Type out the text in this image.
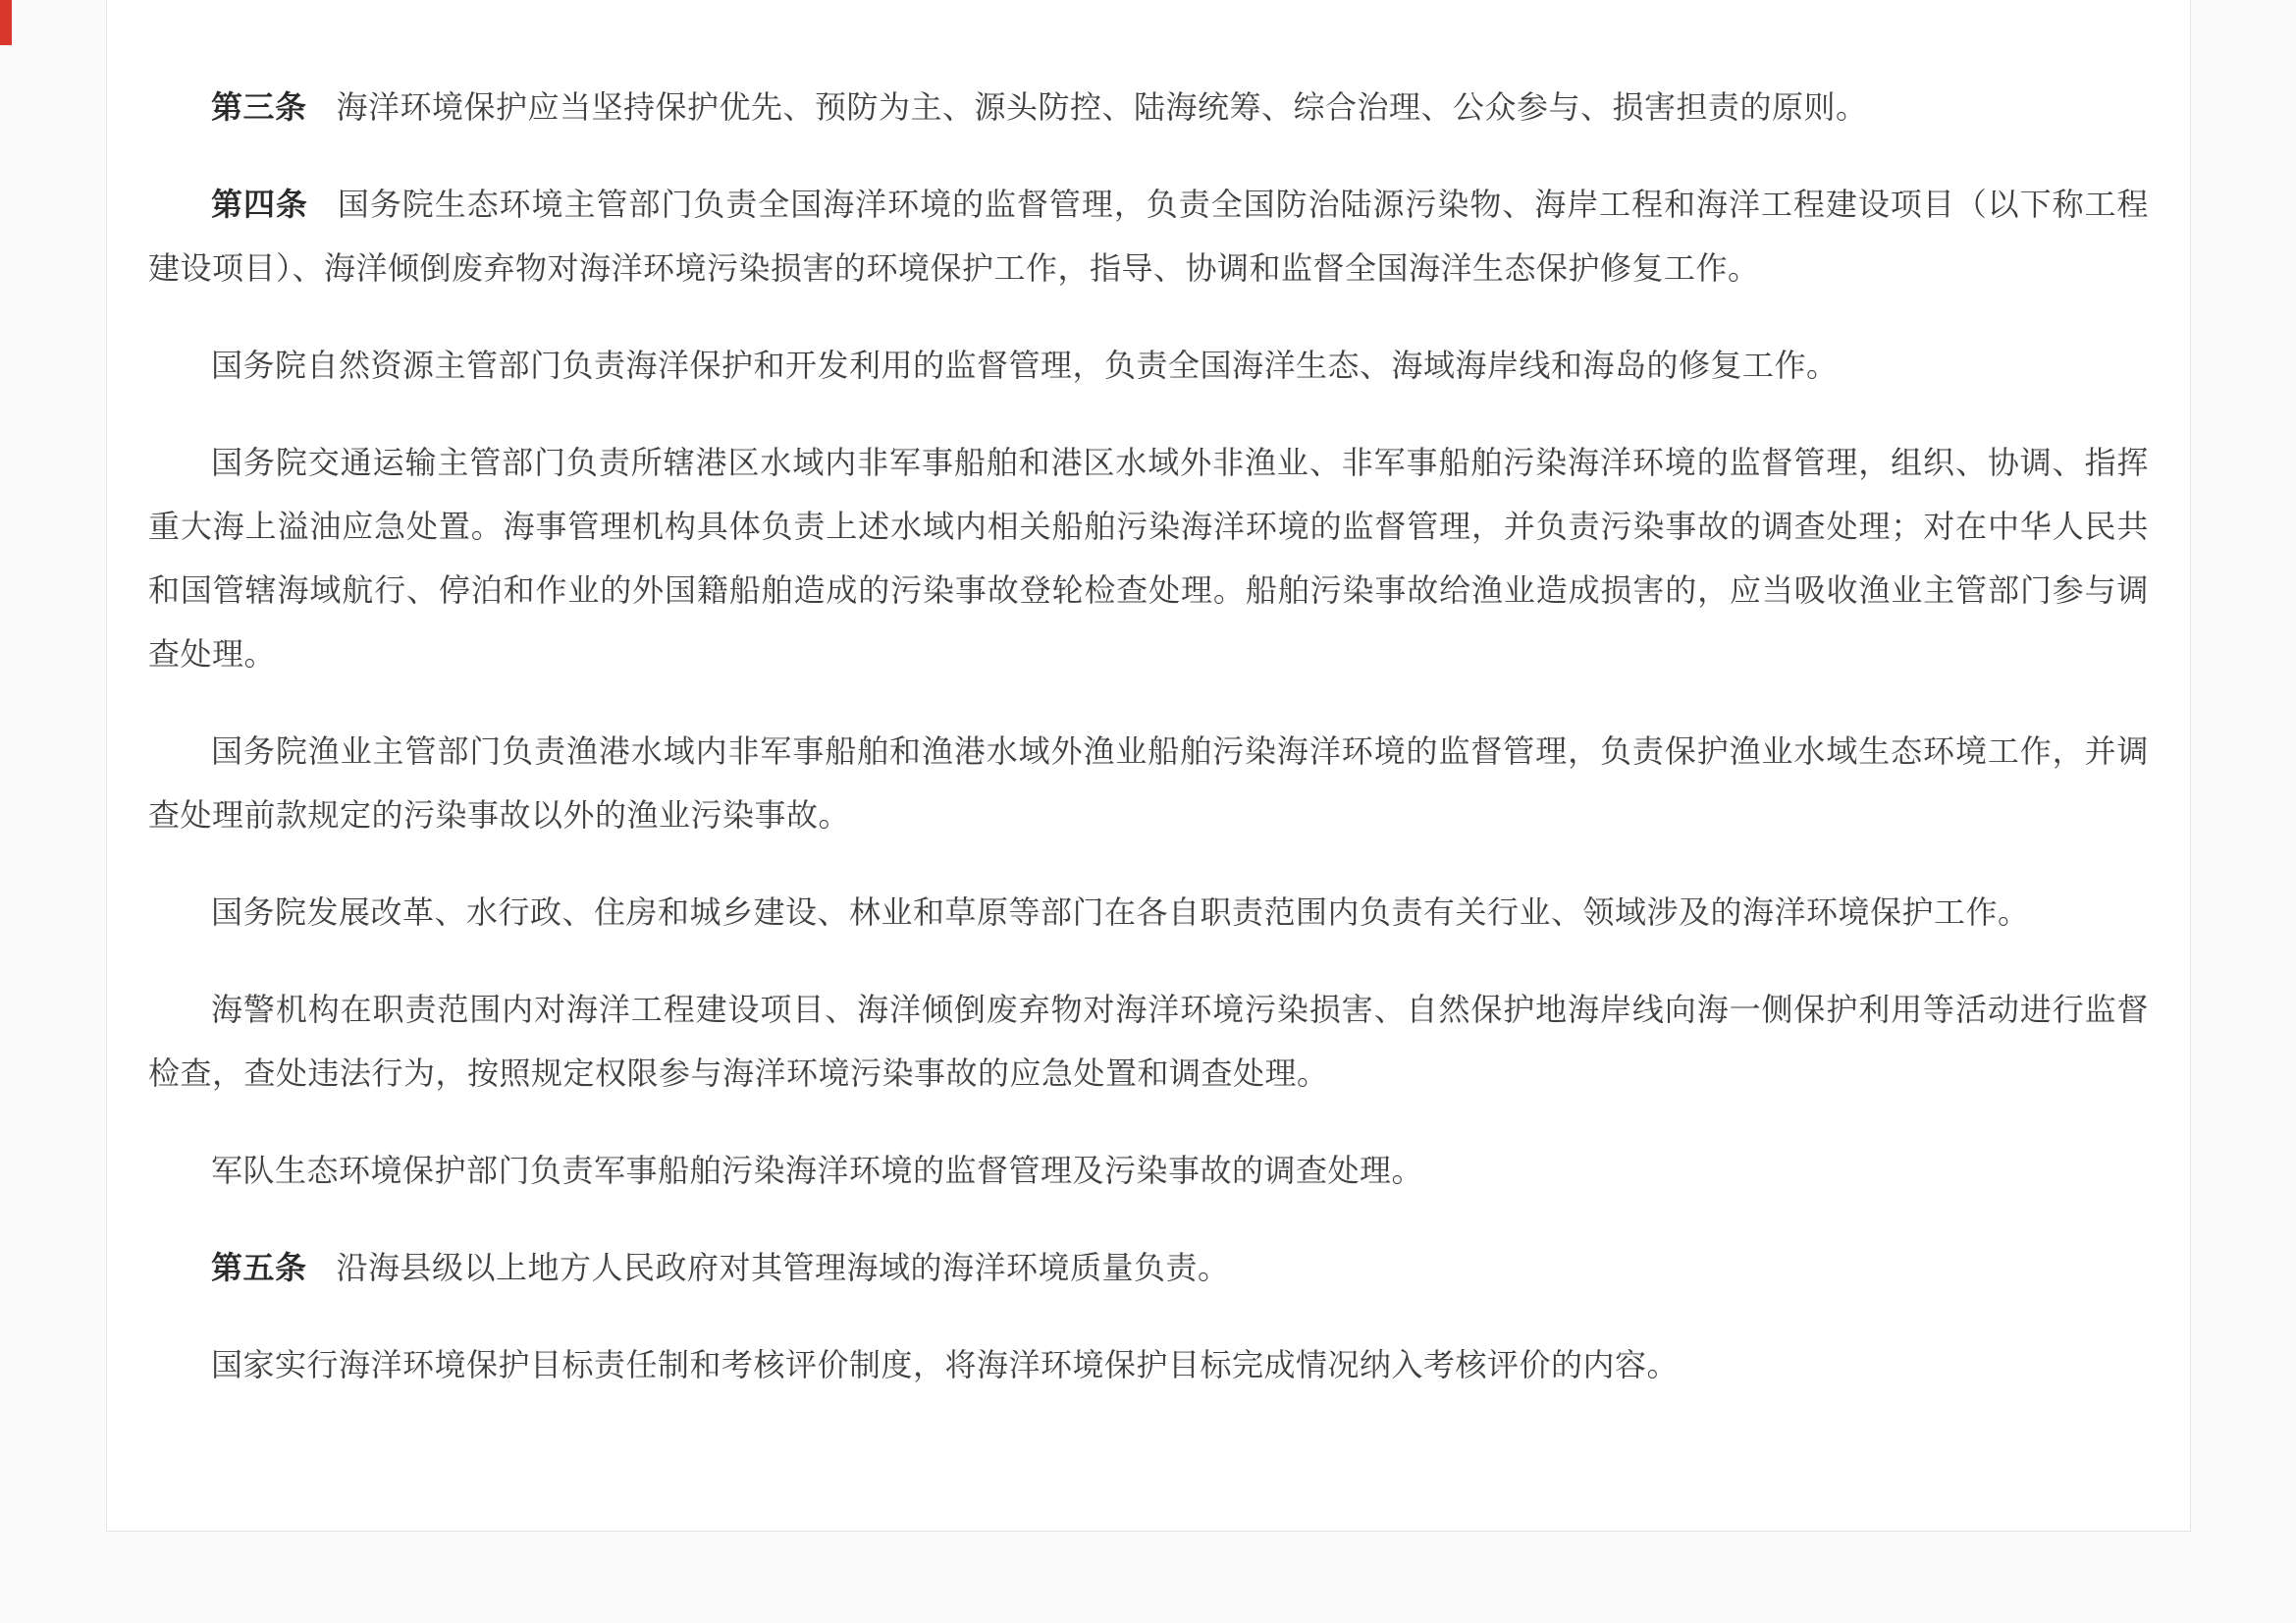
第三条 海洋环境保护应当坚持保护优先、预防为主、源头防控、陆海统筹、综合治理、公众参与、损害担责的原则。

第四条 国务院生态环境主管部门负责全国海洋环境的监督管理，负责全国防治陆源污染物、海岸工程和海洋工程建设项目（以下称工程建设项目）、海洋倾倒废弃物对海洋环境污染损害的环境保护工作，指导、协调和监督全国海洋生态保护修复工作。

国务院自然资源主管部门负责海洋保护和开发利用的监督管理，负责全国海洋生态、海域海岸线和海岛的修复工作。

国务院交通运输主管部门负责所辖港区水域内非军事船舶和港区水域外非渔业、非军事船舶污染海洋环境的监督管理，组织、协调、指挥重大海上溢油应急处置。海事管理机构具体负责上述水域内相关船舶污染海洋环境的监督管理，并负责污染事故的调查处理；对在中华人民共和国管辖海域航行、停泊和作业的外国籍船舶造成的污染事故登轮检查处理。船舶污染事故给渔业造成损害的，应当吸收渔业主管部门参与调查处理。

国务院渔业主管部门负责渔港水域内非军事船舶和渔港水域外渔业船舶污染海洋环境的监督管理，负责保护渔业水域生态环境工作，并调查处理前款规定的污染事故以外的渔业污染事故。

国务院发展改革、水行政、住房和城乡建设、林业和草原等部门在各自职责范围内负责有关行业、领域涉及的海洋环境保护工作。

海警机构在职责范围内对海洋工程建设项目、海洋倾倒废弃物对海洋环境污染损害、自然保护地海岸线向海一侧保护利用等活动进行监督检查，查处违法行为，按照规定权限参与海洋环境污染事故的应急处置和调查处理。

军队生态环境保护部门负责军事船舶污染海洋环境的监督管理及污染事故的调查处理。

第五条 沿海县级以上地方人民政府对其管理海域的海洋环境质量负责。

国家实行海洋环境保护目标责任制和考核评价制度，将海洋环境保护目标完成情况纳入考核评价的内容。
